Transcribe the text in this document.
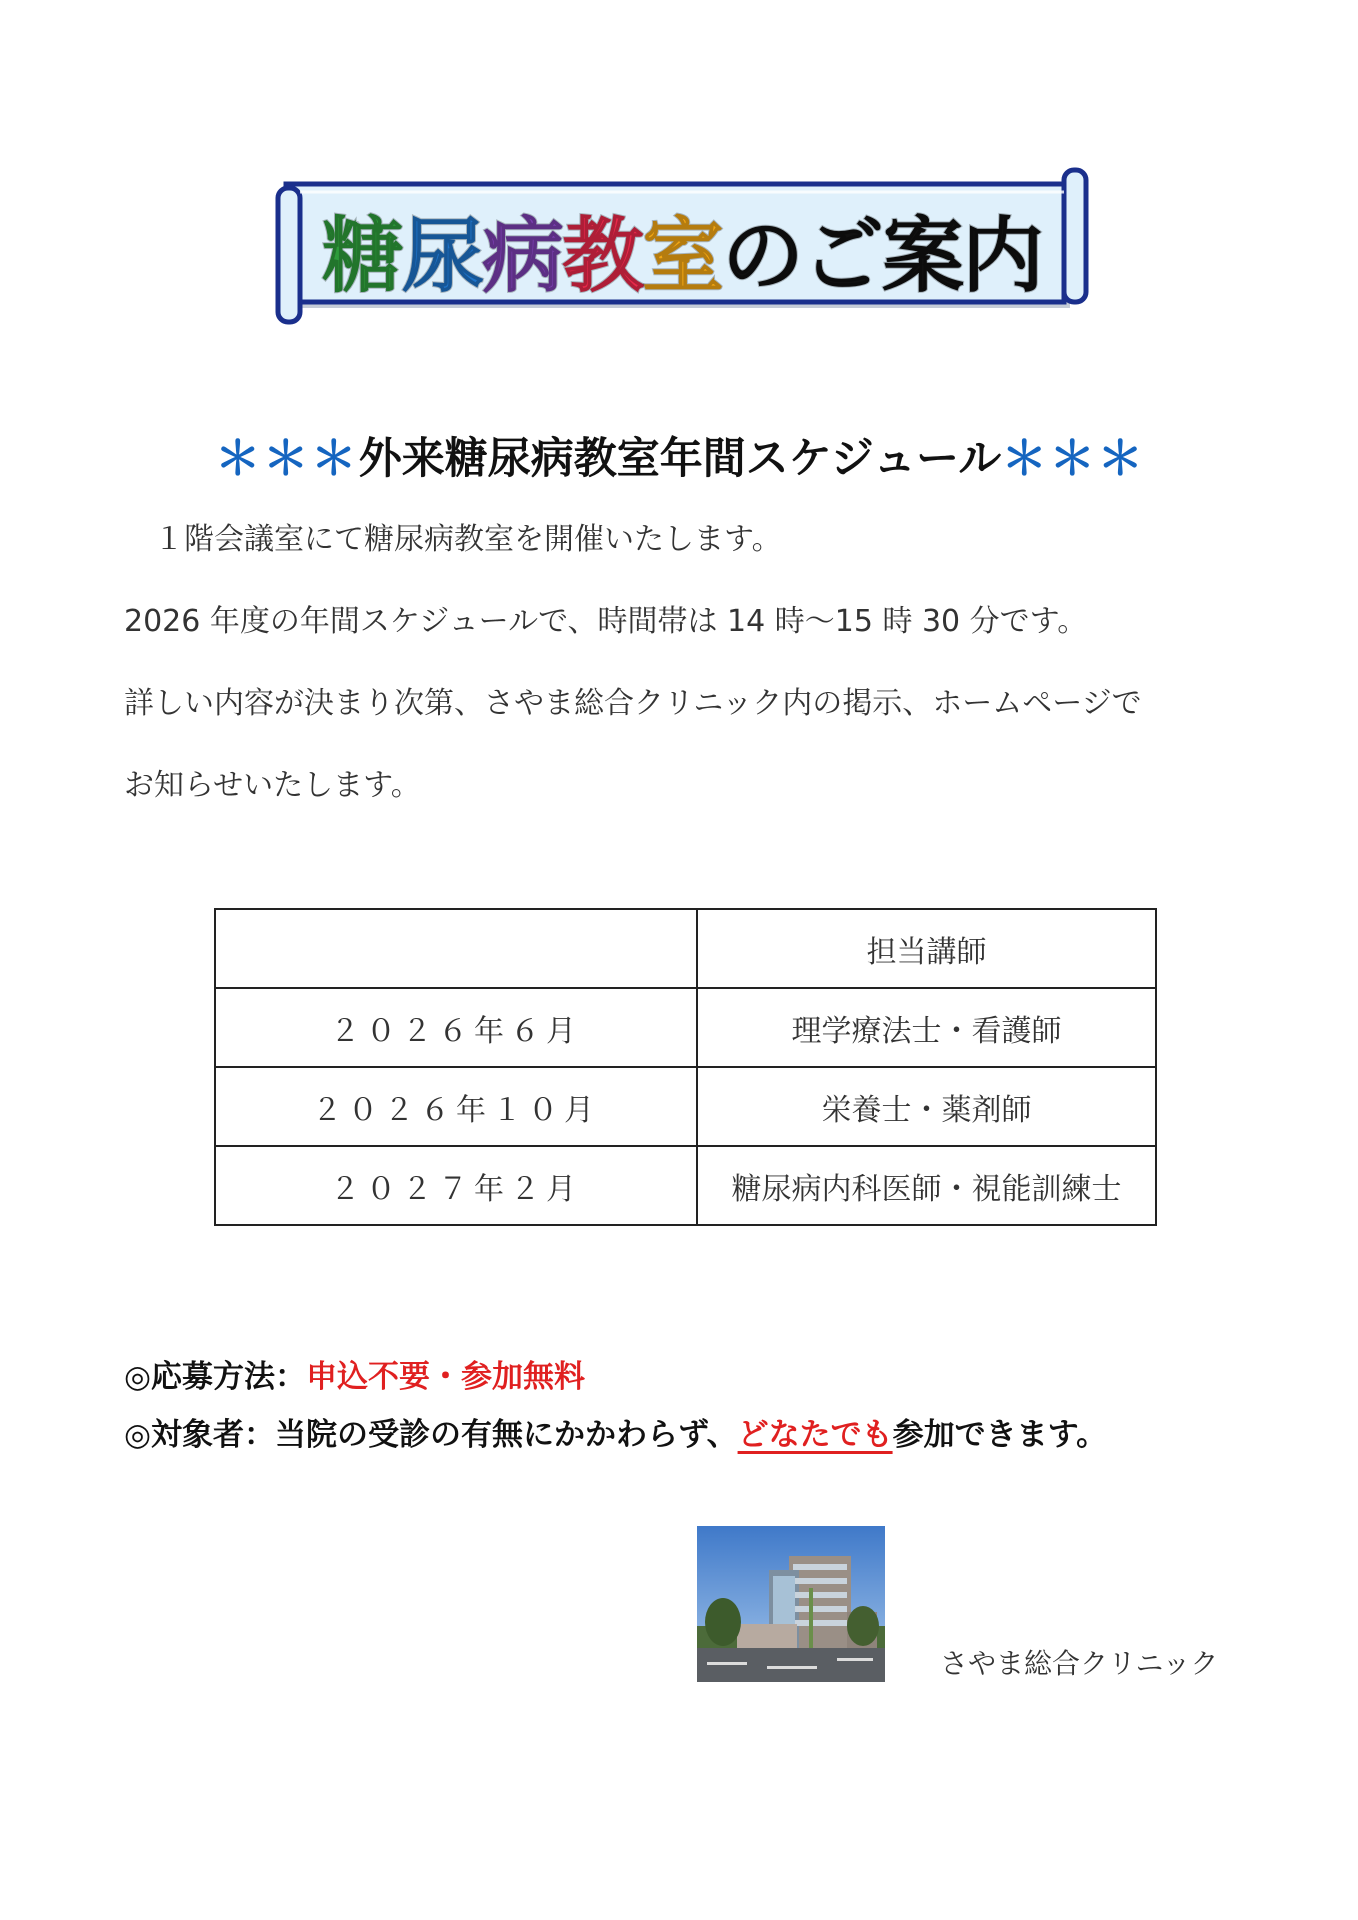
糖 尿 病 教 室 のご案内
＊＊＊ 外来糖尿病教室年間スケジュール ＊＊＊
１階会議室にて糖尿病教室を開催いたします。
2026 年度の年間スケジュールで、時間帯は 14 時～15 時 30 分です。
詳しい内容が決まり次第、さやま総合クリニック内の掲示、ホームページで
お知らせいたします。
	担当講師
２０２６年６月	理学療法士・看護師
２０２６年１０月	栄養士・薬剤師
２０２７年２月	糖尿病内科医師・視能訓練士
◎応募方法：申込不要・参加無料
◎対象者：当院の受診の有無にかかわらず、どなたでも参加できます。
さやま総合クリニック
